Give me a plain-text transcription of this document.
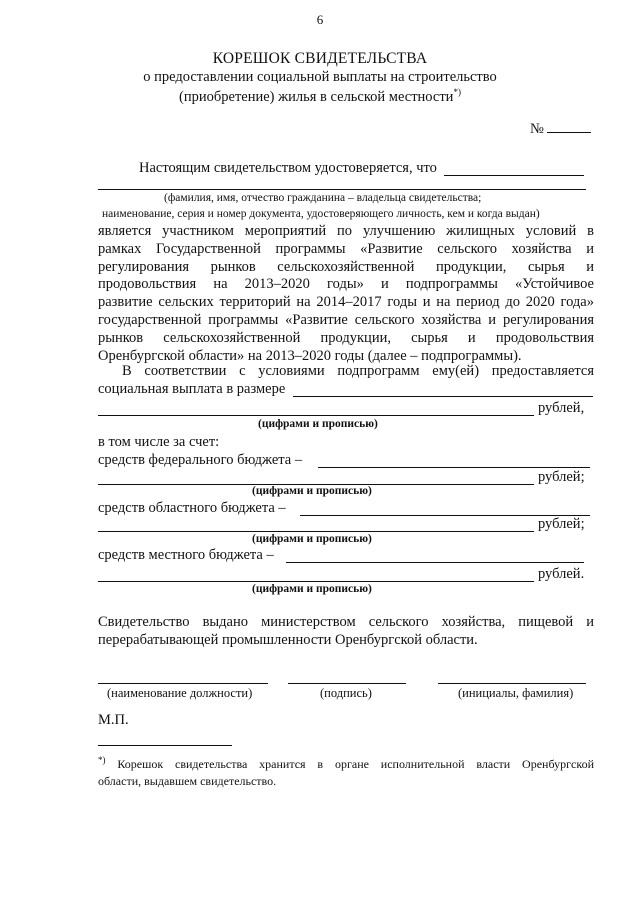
6
КОРЕШОК СВИДЕТЕЛЬСТВА
о предоставлении социальной выплаты на строительство
(приобретение) жилья в сельской местности*)
№
Настоящим свидетельством удостоверяется, что
(фамилия, имя, отчество гражданина – владельца свидетельства;
наименование, серия и номер документа, удостоверяющего личность, кем и когда выдан)
является участником мероприятий по улучшению жилищных условий в
рамках Государственной программы «Развитие сельского хозяйства и
регулирования рынков сельскохозяйственной продукции, сырья и
продовольствия на 2013–2020 годы» и подпрограммы «Устойчивое
развитие сельских территорий на 2014–2017 годы и на период до 2020 года»
государственной программы «Развитие сельского хозяйства и регулирования
рынков сельскохозяйственной продукции, сырья и продовольствия
Оренбургской области» на 2013–2020 годы (далее – подпрограммы).
В соответствии с условиями подпрограмм ему(ей) предоставляется
социальная выплата в размере
рублей,
(цифрами и прописью)
в том числе за счет:
средств федерального бюджета –
рублей;
(цифрами и прописью)
средств областного бюджета –
рублей;
(цифрами и прописью)
средств местного бюджета –
рублей.
(цифрами и прописью)
Свидетельство выдано министерством сельского хозяйства, пищевой и
перерабатывающей промышленности Оренбургской области.
(наименование должности)	(подпись)	(инициалы, фамилия)
М.П.
*) Корешок свидетельства хранится в органе исполнительной власти Оренбургской
области, выдавшем свидетельство.
